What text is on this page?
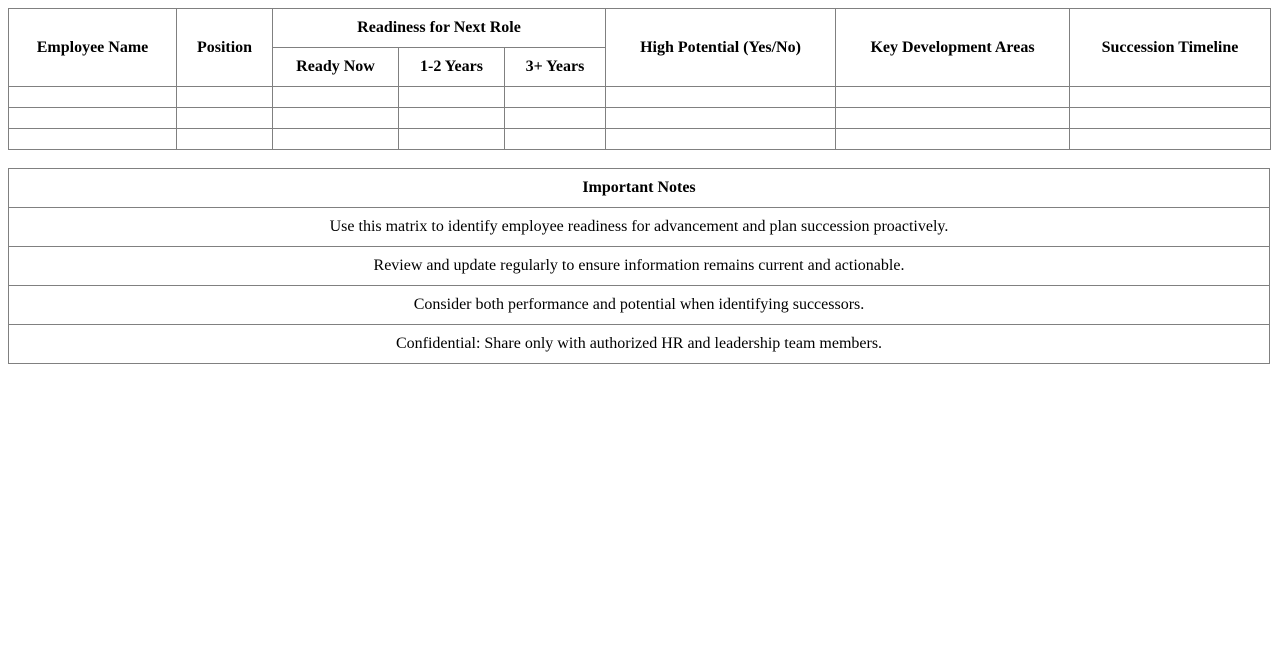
Employee Name	Position	Readiness for Next Role			High Potential (Yes/No)	Key Development Areas	Succession Timeline
		Ready Now	1-2 Years	3+ Years			

Important Notes
Use this matrix to identify employee readiness for advancement and plan succession proactively.
Review and update regularly to ensure information remains current and actionable.
Consider both performance and potential when identifying successors.
Confidential: Share only with authorized HR and leadership team members.
